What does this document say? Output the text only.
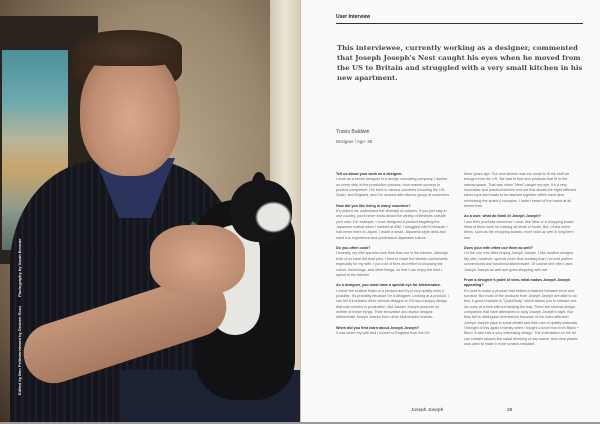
Edited by Ben Pell
Interviewed by Desiree Ross
Photography by Sarah Browne
User Interview
This interviewee, currently working as a designer, commented that Joseph Joseph's Nest caught his eyes when he moved from the US to Britain and struggled with a very small kitchen in his new apartment.
Travis Baldwin
Designer / Age: 38

Tell us about your work as a designer.
I work as a senior designer in a design consulting company. I advise on every step of the production process, from market surveys to product completion. I've lived in various countries including the US, Spain, and England, and I've worked with diverse group of customers.

How did you like living in many countries?
It's helped me understand the diversity of cultures. If you just stay in one country, you'll never know about the variety of lifestyles outside your own. For example, I once designed a product targeting the Japanese market when I worked at IBM. I struggled with it because I had never been to Japan. I made a small, Japanese-style desk and used it to experience and understand Japanese culture.

Do you often cook?
Honestly, my wife spends more time than me in the kitchen, although both of us have full-time jobs. I tried to make the kitchen comfortable, especially for my wife. I put a lot of time and effort in choosing the colors, furnishings, and other things, so that I can enjoy the time I spend in the kitchen.

As a designer, you must have a special eye for kitchenware.
I check the surface finish of a product and try to buy quality ones if possible. It's probably because I'm a designer. Looking at a product, I can tell if it imitates other famous designs or if it has a sloppy design that cuts corners in production. But Joseph Joseph products do neither of these things. Their innovative and stylish designs differentiate Joseph Joseph from other kitchenware brands.

When did you first learn about Joseph Joseph?
It was when my wife and I moved to England from the US

three years ago. Our new kitchen was too small to fit the stuff we brought from the US. We had to find new products that fit in the narrow space. That was when "Nest" caught my eye. It's a very innovative and practical kitchen tool set that allows the eight different sized cups and bowls to be stacked together within each item, minimizing the space it occupies. I hadn't heard of the brand at all before that.

As a user, what do think of Joseph Joseph?
I use their products whenever I cook, like Nest or a chopping board. Most of them work for making all kinds of foods. But, I think some items, such as the chopping boards, won't hold up well in long-term use.

Does your wife often use them as well?
I'm the one who likes buying Joseph Joseph. I like modern designs. My wife, however, spends more time cooking than I do and prefers conventional and functional kitchenware. Of course she often uses Joseph Joseph as well and goes shopping with me.

From a designer's point of view, what makes Joseph Joseph appealing?
It's hard to make a product that strikes a balance between form and function. But most of the products from Joseph Joseph are able to do this. A good example is "QuickSnap" which allows you to release one ice cube at a time without twisting the tray. There are several design companies that have attempted to copy Joseph Joseph's style. But they fail to distinguish themselves because of the extra attention Joseph Joseph pays to small details and their use of quality materials. I thought of this again recently when I bought a lunch box from Black + Blum. It also has a very interesting design. The indentation on the lid can contain sauces like salad dressing or soy sauce, and clear plastic was used to make it more scratch-resistant.

Joseph Joseph	29
